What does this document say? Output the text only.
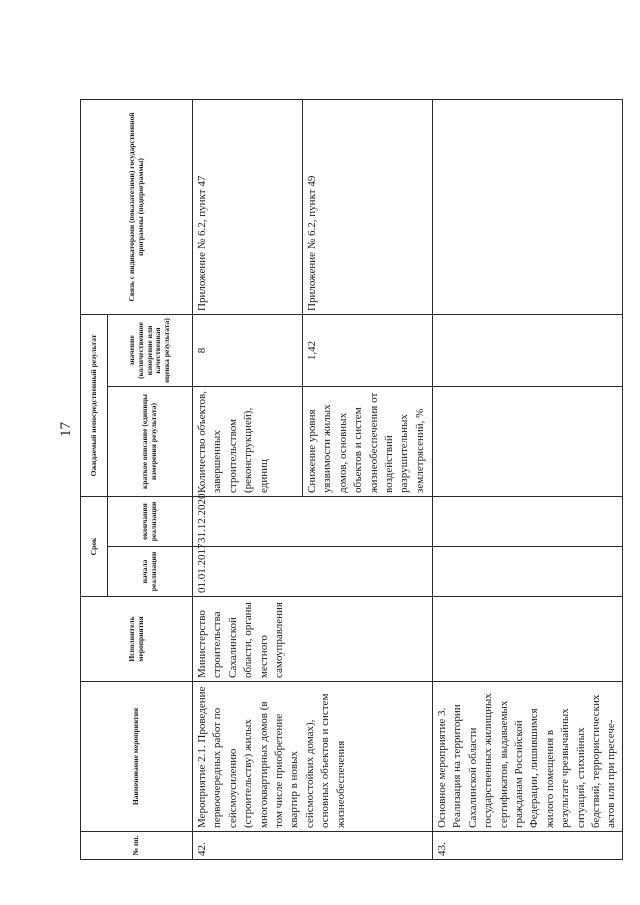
17
№ пп.	Наименование мероприятия	Исполнитель мероприятия	Срок		Ожидаемый непосредственный результат		Связь с индикаторами (показателями) государственной программы (подпрограммы)
			начала реализации	окончания реализации	краткое описание (единицы измерения результата)	значение (количественное измерение или качественная оценка результата)	
42.	Мероприятие 2.1. Проведение первоочередных работ по сейсмоусилению (строительству) жилых многоквартирных домов (в том числе приобретение квартир в новых сейсмостойких домах), основных объектов и систем жизнеобеспечения	Министерство строительства Сахалинской области, органы местного самоуправления	01.01.2017	31.12.2020	Количество объектов, завершенных строительством (реконструкцией), единиц	8	Приложение № 6.2, пункт 47
					Снижение уровня уязвимости жилых домов, основных объектов и систем жизнеобеспечения от воздействий разрушительных землетрясений, %	1,42	Приложение № 6.2, пункт 49
43.	Основное мероприятие 3. Реализация на территории Сахалинской области государственных жилищных сертификатов, выдаваемых гражданам Российской Федерации, лишившимся жилого помещения в результате чрезвычайных ситуаций, стихийных бедствий, террористических актов или при пресече-						
